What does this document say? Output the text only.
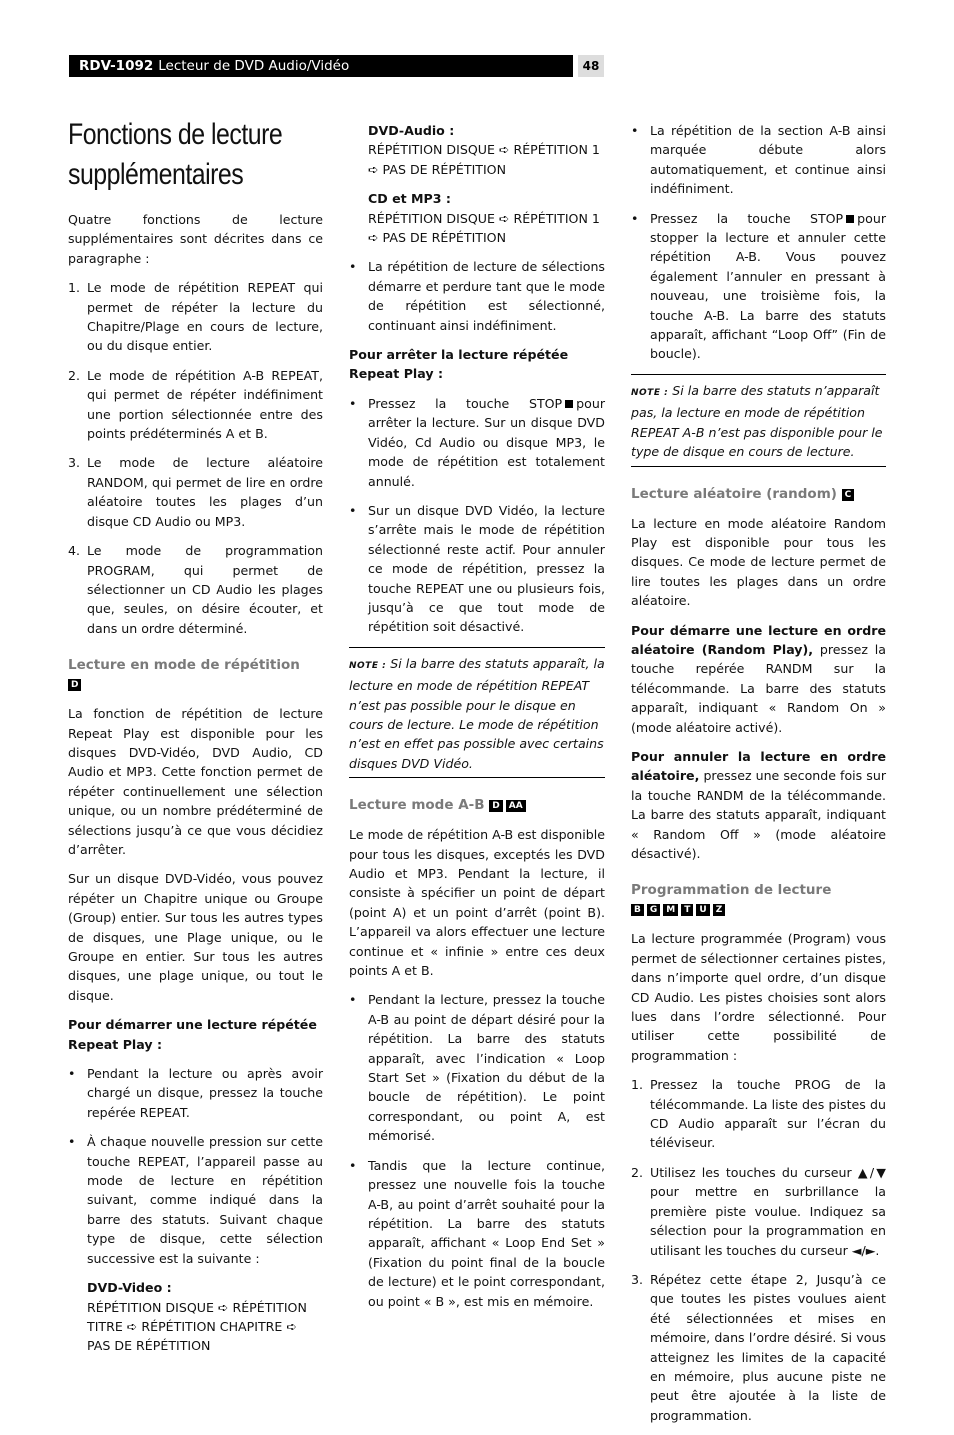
RDV-1092 Lecteur de DVD Audio/Vidéo	48
Fonctions de lecture
supplémentaires

Quatre fonctions de lecture supplémentaires sont décrites dans ce paragraphe :

1. Le mode de répétition REPEAT qui permet de répéter la lecture du Chapitre/Plage en cours de lecture, ou du disque entier.
2. Le mode de répétition A-B REPEAT, qui permet de répéter indéfiniment une portion sélectionnée entre des points prédéterminés A et B.
3. Le mode de lecture aléatoire RANDOM, qui permet de lire en ordre aléatoire toutes les plages d’un disque CD Audio ou MP3.
4. Le mode de programmation PROGRAM, qui permet de sélectionner un CD Audio les plages que, seules, on désire écouter, et dans un ordre déterminé.
Lecture en mode de répétition
D

La fonction de répétition de lecture Repeat Play est disponible pour les disques DVD-Vidéo, DVD Audio, CD Audio et MP3. Cette fonction permet de répéter continuellement une sélection unique, ou un nombre prédéterminé de sélections jusqu’à ce que vous décidiez d’arrêter.

Sur un disque DVD-Vidéo, vous pouvez répéter un Chapitre unique ou Groupe (Group) entier. Sur tous les autres types de disques, une Plage unique, ou le Groupe en entier. Sur tous les autres disques, une plage unique, ou tout le disque.

Pour démarrer une lecture répétée Repeat Play :

• Pendant la lecture ou après avoir chargé un disque, pressez la touche repérée REPEAT.
• À chaque nouvelle pression sur cette touche REPEAT, l’appareil passe au mode de lecture en répétition suivant, comme indiqué dans la barre des statuts. Suivant chaque type de disque, cette sélection successive est la suivante :
DVD-Video :
RÉPÉTITION DISQUE ➪ RÉPÉTITION TITRE ➪ RÉPÉTITION CHAPITRE ➪ PAS DE RÉPÉTITION
DVD-Audio :
RÉPÉTITION DISQUE ➪ RÉPÉTITION 1 ➪ PAS DE RÉPÉTITION
CD et MP3 :
RÉPÉTITION DISQUE ➪ RÉPÉTITION 1 ➪ PAS DE RÉPÉTITION
• La répétition de lecture de sélections démarre et perdure tant que le mode de répétition est sélectionné, continuant ainsi indéfiniment.

Pour arrêter la lecture répétée Repeat Play :

• Pressez la touche STOP pour arrêter la lecture. Sur un disque DVD Vidéo, Cd Audio ou disque MP3, le mode de répétition est totalement annulé.
• Sur un disque DVD Vidéo, la lecture s’arrête mais le mode de répétition sélectionné reste actif. Pour annuler ce mode de répétition, pressez la touche REPEAT une ou plusieurs fois, jusqu’à ce que tout mode de répétition soit désactivé.
NOTE : Si la barre des statuts apparaît, la lecture en mode de répétition REPEAT n’est pas possible pour le disque en cours de lecture. Le mode de répétition n’est en effet pas possible avec certains disques DVD Vidéo.
Lecture mode A-B D AA

Le mode de répétition A-B est disponible pour tous les disques, exceptés les DVD Audio et MP3. Pendant la lecture, il consiste à spécifier un point de départ (point A) et un point d’arrêt (point B). L’appareil va alors effectuer une lecture continue et « infinie » entre ces deux points A et B.

• Pendant la lecture, pressez la touche A-B au point de départ désiré pour la répétition. La barre des statuts apparaît, avec l’indication « Loop Start Set » (Fixation du début de la boucle de répétition). Le point correspondant, ou point A, est mémorisé.
• Tandis que la lecture continue, pressez une nouvelle fois la touche A-B, au point d’arrêt souhaité pour la répétition. La barre des statuts apparaît, affichant « Loop End Set » (Fixation du point final de la boucle de lecture) et le point correspondant, ou point « B », est mis en mémoire.
• La répétition de la section A-B ainsi marquée débute alors automatiquement, et continue ainsi indéfiniment.
• Pressez la touche STOP pour stopper la lecture et annuler cette répétition A-B. Vous pouvez également l’annuler en pressant à nouveau, une troisième fois, la touche A-B. La barre des statuts apparaît, affichant “Loop Off” (Fin de boucle).
NOTE : Si la barre des statuts n’apparaît pas, la lecture en mode de répétition REPEAT A-B n’est pas disponible pour le type de disque en cours de lecture.
Lecture aléatoire (random) C

La lecture en mode aléatoire Random Play est disponible pour tous les disques. Ce mode de lecture permet de lire toutes les plages dans un ordre aléatoire.

Pour démarre une lecture en ordre aléatoire (Random Play), pressez la touche repérée RANDM sur la télécommande. La barre des statuts apparaît, indiquant « Random On » (mode aléatoire activé).

Pour annuler la lecture en ordre aléatoire, pressez une seconde fois sur la touche RANDM de la télécommande. La barre des statuts apparaît, indiquant « Random Off » (mode aléatoire désactivé).

Programmation de lecture
B G M T U Z

La lecture programmée (Program) vous permet de sélectionner certaines pistes, dans n’importe quel ordre, d’un disque CD Audio. Les pistes choisies sont alors lues dans l’ordre sélectionné. Pour utiliser cette possibilité de programmation :

1. Pressez la touche PROG de la télécommande. La liste des pistes du CD Audio apparaît sur l’écran du téléviseur.
2. Utilisez les touches du curseur ▲/▼ pour mettre en surbrillance la première piste voulue. Indiquez sa sélection pour la programmation en utilisant les touches du curseur ◄/►.
3. Répétez cette étape 2, Jusqu’à ce que toutes les pistes voulues aient été sélectionnées et mises en mémoire, dans l’ordre désiré. Si vous atteignez les limites de la capacité en mémoire, plus aucune piste ne peut être ajoutée à la liste de programmation.
